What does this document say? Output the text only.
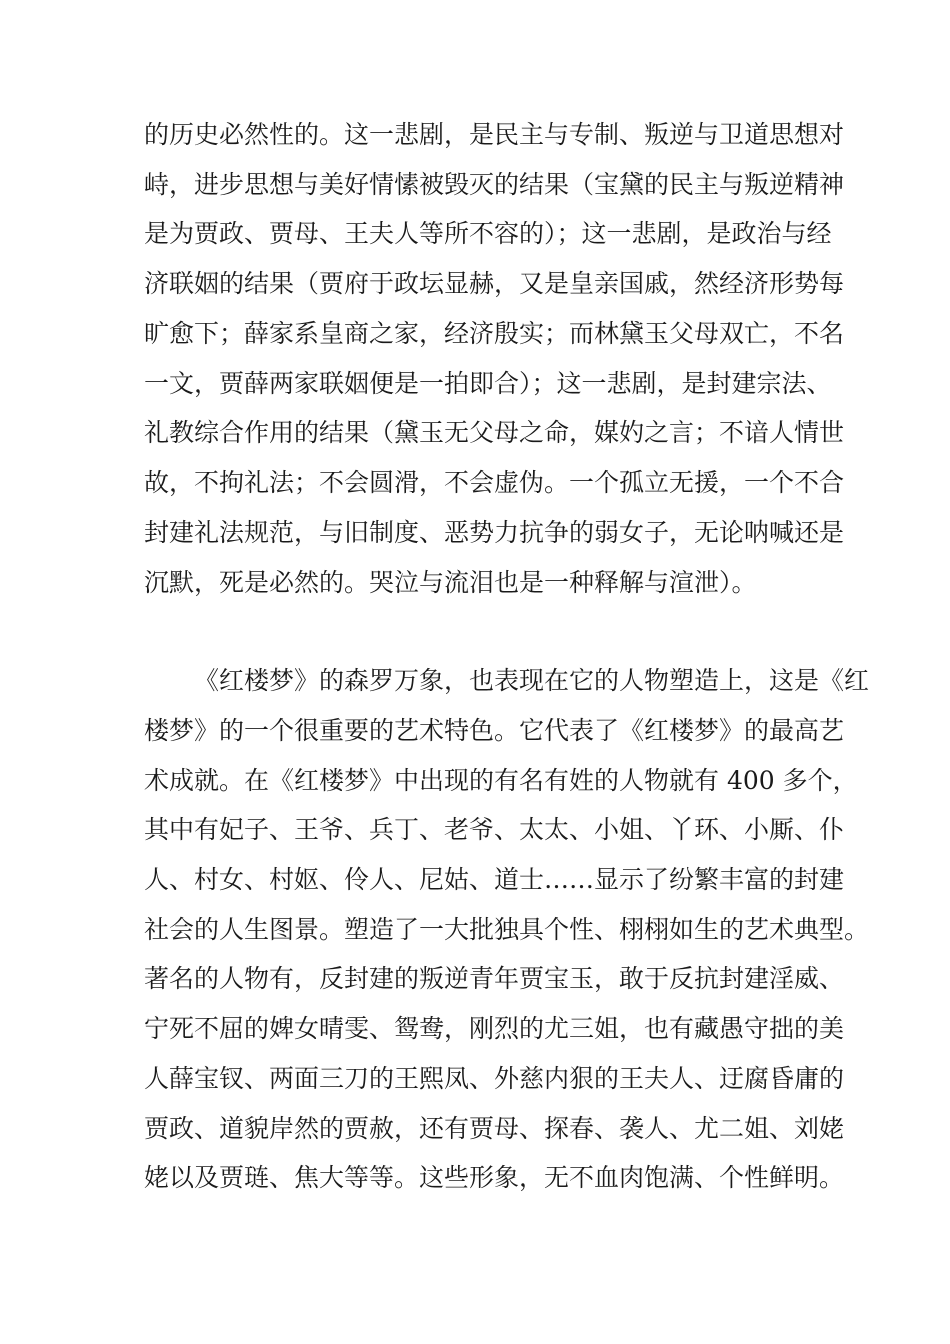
的历史必然性的。这一悲剧，是民主与专制、叛逆与卫道思想对
峙，进步思想与美好情愫被毁灭的结果（宝黛的民主与叛逆精神
是为贾政、贾母、王夫人等所不容的）；这一悲剧，是政治与经
济联姻的结果（贾府于政坛显赫，又是皇亲国戚，然经济形势每
旷愈下；薛家系皇商之家，经济殷实；而林黛玉父母双亡，不名
一文，贾薛两家联姻便是一拍即合）；这一悲剧，是封建宗法、
礼教综合作用的结果（黛玉无父母之命，媒妁之言；不谙人情世
故，不拘礼法；不会圆滑，不会虚伪。一个孤立无援，一个不合
封建礼法规范，与旧制度、恶势力抗争的弱女子，无论呐喊还是
沉默，死是必然的。哭泣与流泪也是一种释解与渲泄）。
《红楼梦》的森罗万象，也表现在它的人物塑造上，这是《红
楼梦》的一个很重要的艺术特色。它代表了《红楼梦》的最高艺
术成就。在《红楼梦》中出现的有名有姓的人物就有 400 多个，
其中有妃子、王爷、兵丁、老爷、太太、小姐、丫环、小厮、仆
人、村女、村妪、伶人、尼姑、道士……显示了纷繁丰富的封建
社会的人生图景。塑造了一大批独具个性、栩栩如生的艺术典型。
著名的人物有，反封建的叛逆青年贾宝玉，敢于反抗封建淫威、
宁死不屈的婢女晴雯、鸳鸯，刚烈的尤三姐，也有藏愚守拙的美
人薛宝钗、两面三刀的王熙凤、外慈内狠的王夫人、迂腐昏庸的
贾政、道貌岸然的贾赦，还有贾母、探春、袭人、尤二姐、刘姥
姥以及贾琏、焦大等等。这些形象，无不血肉饱满、个性鲜明。
